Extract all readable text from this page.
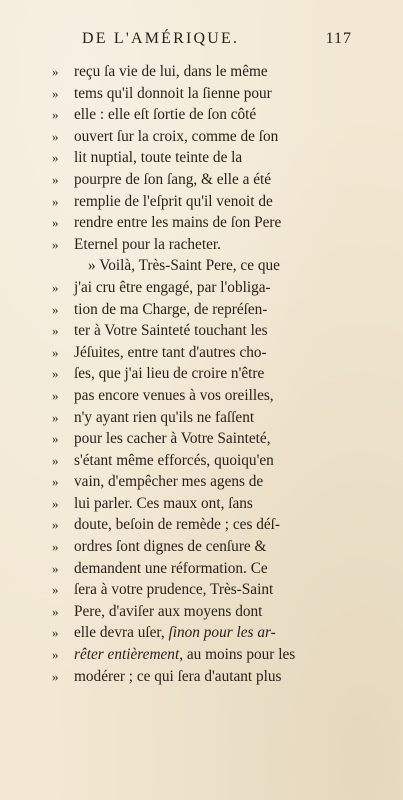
DE L'AMÉRIQUE.	117
»	reçu ſa vie de lui, dans le même
»	tems qu'il donnoit la ſienne pour
»	elle : elle eſt ſortie de ſon côté
»	ouvert ſur la croix, comme de ſon
»	lit nuptial, toute teinte de la
»	pourpre de ſon ſang, & elle a été
»	remplie de l'eſprit qu'il venoit de
»	rendre entre les mains de ſon Pere
»	Eternel pour la racheter.
» Voilà, Très-Saint Pere, ce que
»	j'ai cru être engagé, par l'obliga-
»	tion de ma Charge, de repréſen-
»	ter à Votre Sainteté touchant les
»	Jéſuites, entre tant d'autres cho-
»	ſes, que j'ai lieu de croire n'être
»	pas encore venues à vos oreilles,
»	n'y ayant rien qu'ils ne faſſent
»	pour les cacher à Votre Sainteté,
»	s'étant même efforcés, quoiqu'en
»	vain, d'empêcher mes agens de
»	lui parler. Ces maux ont, ſans
»	doute, beſoin de remède ; ces déſ-
»	ordres ſont dignes de cenſure &
»	demandent une réformation. Ce
»	ſera à votre prudence, Très-Saint
»	Pere, d'aviſer aux moyens dont
»	elle devra uſer, ſinon pour les ar-
»	rêter entièrement , au moins pour les
»	modérer ; ce qui ſera d'autant plus
